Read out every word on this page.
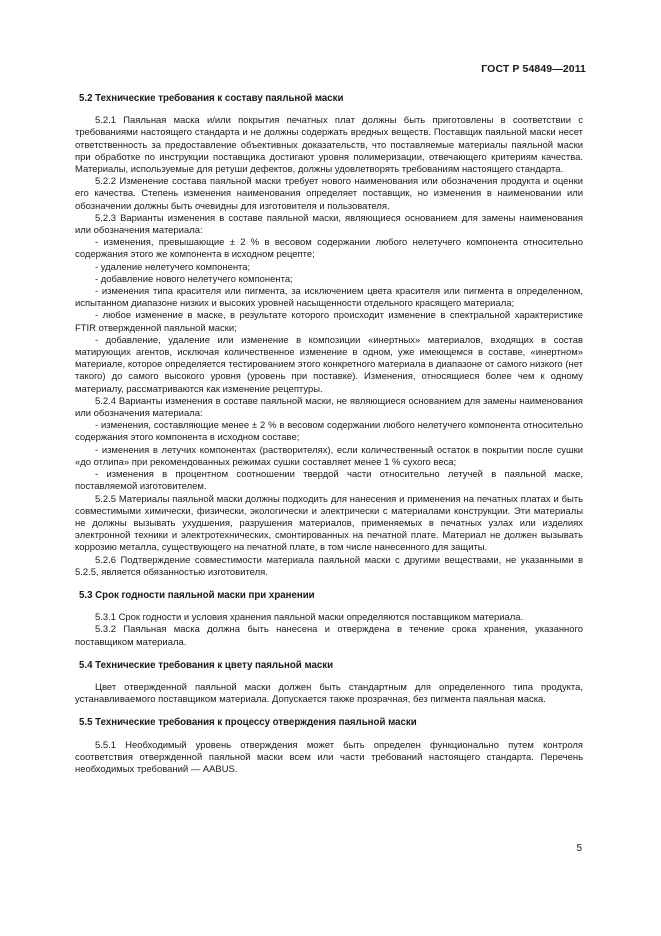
ГОСТ Р 54849—2011
5.2 Технические требования к составу паяльной маски

5.2.1 Паяльная маска и/или покрытия печатных плат должны быть приготовлены в соответствии с требованиями настоящего стандарта и не должны содержать вредных веществ. Поставщик паяльной маски несет ответственность за предоставление объективных доказательств, что поставляемые материалы паяльной маски при обработке по инструкции поставщика достигают уровня полимеризации, отвечающего критериям качества. Материалы, используемые для ретуши дефектов, должны удовлетворять требованиям настоящего стандарта.

5.2.2 Изменение состава паяльной маски требует нового наименования или обозначения продукта и оценки его качества. Степень изменения наименования определяет поставщик, но изменения в наименовании или обозначении должны быть очевидны для изготовителя и пользователя.

5.2.3 Варианты изменения в составе паяльной маски, являющиеся основанием для замены наименования или обозначения материала:

- изменения, превышающие ± 2 % в весовом содержании любого нелетучего компонента относительно содержания этого же компонента в исходном рецепте;

- удаление нелетучего компонента;

- добавление нового нелетучего компонента;

- изменения типа красителя или пигмента, за исключением цвета красителя или пигмента в определенном, испытанном диапазоне низких и высоких уровней насыщенности отдельного красящего материала;

- любое изменение в маске, в результате которого происходит изменение в спектральной характеристике FTIR отвержденной паяльной маски;

- добавление, удаление или изменение в композиции «инертных» материалов, входящих в состав матирующих агентов, исключая количественное изменение в одном, уже имеющемся в составе, «инертном» материале, которое определяется тестированием этого конкретного материала в диапазоне от самого низкого (нет такого) до самого высокого уровня (уровень при поставке). Изменения, относящиеся более чем к одному материалу, рассматриваются как изменение рецептуры.

5.2.4 Варианты изменения в составе паяльной маски, не являющиеся основанием для замены наименования или обозначения материала:

- изменения, составляющие менее ± 2 % в весовом содержании любого нелетучего компонента относительно содержания этого компонента в исходном составе;

- изменения в летучих компонентах (растворителях), если количественный остаток в покрытии после сушки «до отлипа» при рекомендованных режимах сушки составляет менее 1 % сухого веса;

- изменения в процентном соотношении твердой части относительно летучей в паяльной маске, поставляемой изготовителем.

5.2.5 Материалы паяльной маски должны подходить для нанесения и применения на печатных платах и быть совместимыми химически, физически, экологически и электрически с материалами конструкции. Эти материалы не должны вызывать ухудшения, разрушения материалов, применяемых в печатных узлах или изделиях электронной техники и электротехнических, смонтированных на печатной плате. Материал не должен вызывать коррозию металла, существующего на печатной плате, в том числе нанесенного для защиты.

5.2.6 Подтверждение совместимости материала паяльной маски с другими веществами, не указанными в 5.2.5, является обязанностью изготовителя.

5.3 Срок годности паяльной маски при хранении

5.3.1 Срок годности и условия хранения паяльной маски определяются поставщиком материала.

5.3.2 Паяльная маска должна быть нанесена и отверждена в течение срока хранения, указанного поставщиком материала.

5.4 Технические требования к цвету паяльной маски

Цвет отвержденной паяльной маски должен быть стандартным для определенного типа продукта, устанавливаемого поставщиком материала. Допускается также прозрачная, без пигмента паяльная маска.

5.5 Технические требования к процессу отверждения паяльной маски

5.5.1 Необходимый уровень отверждения может быть определен функционально путем контроля соответствия отвержденной паяльной маски всем или части требований настоящего стандарта. Перечень необходимых требований — AABUS.

5
